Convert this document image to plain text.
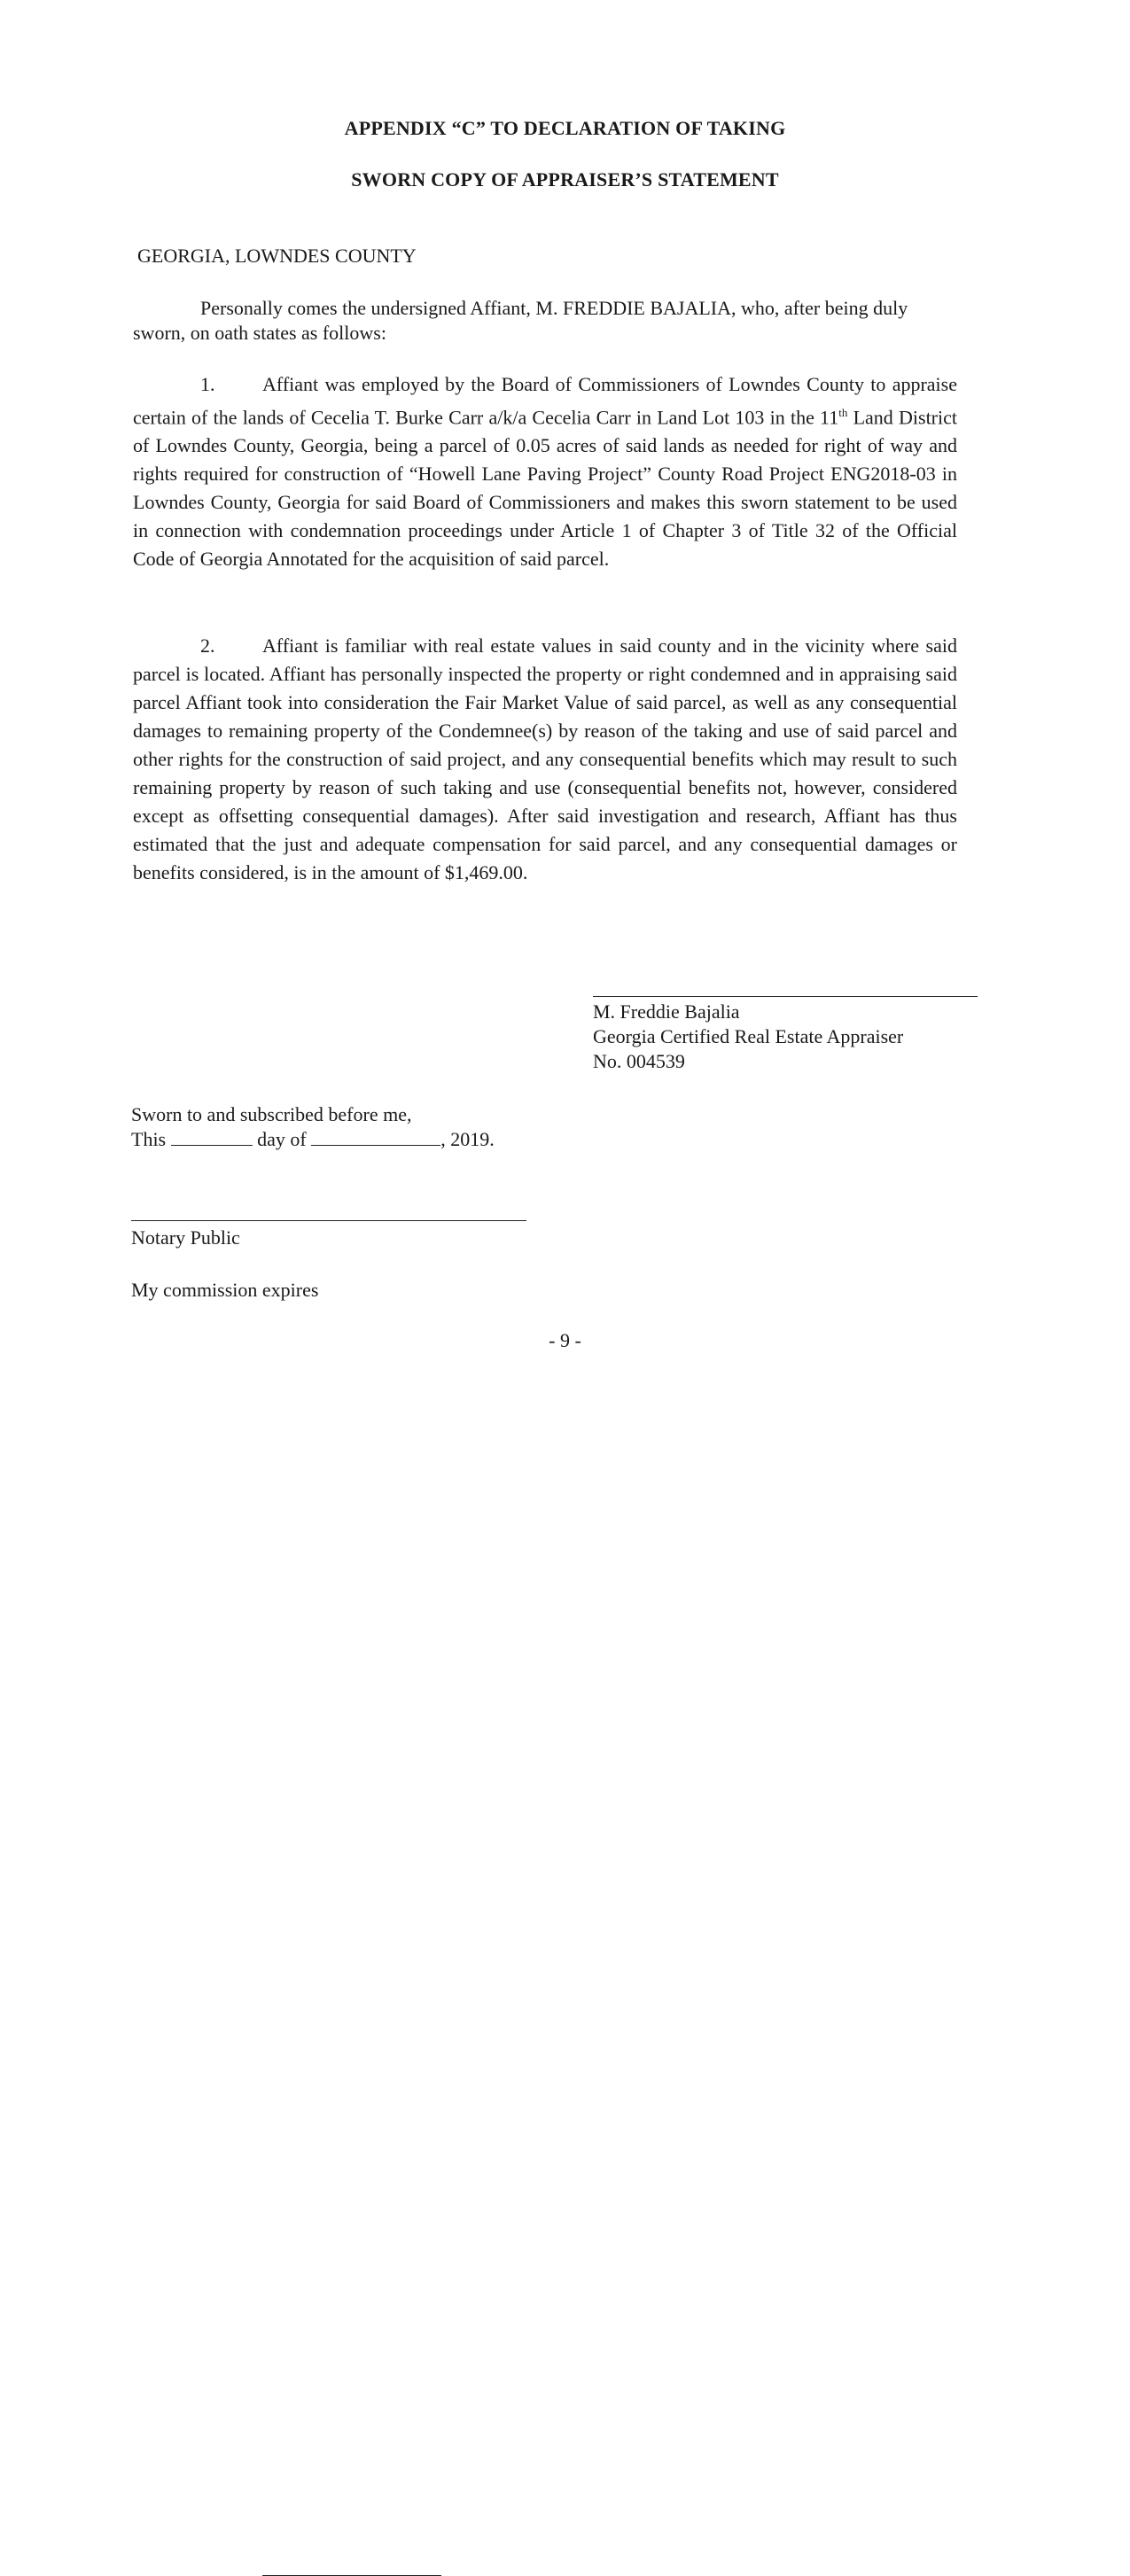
APPENDIX “C” TO DECLARATION OF TAKING
SWORN COPY OF APPRAISER’S STATEMENT
GEORGIA, LOWNDES COUNTY
Personally comes the undersigned Affiant, M. FREDDIE BAJALIA, who, after being duly sworn, on oath states as follows:
1. Affiant was employed by the Board of Commissioners of Lowndes County to appraise certain of the lands of Cecelia T. Burke Carr a/k/a Cecelia Carr in Land Lot 103 in the 11th Land District of Lowndes County, Georgia, being a parcel of 0.05 acres of said lands as needed for right of way and rights required for construction of “Howell Lane Paving Project” County Road Project ENG2018-03 in Lowndes County, Georgia for said Board of Commissioners and makes this sworn statement to be used in connection with condemnation proceedings under Article 1 of Chapter 3 of Title 32 of the Official Code of Georgia Annotated for the acquisition of said parcel.
2. Affiant is familiar with real estate values in said county and in the vicinity where said parcel is located. Affiant has personally inspected the property or right condemned and in appraising said parcel Affiant took into consideration the Fair Market Value of said parcel, as well as any consequential damages to remaining property of the Condemnee(s) by reason of the taking and use of said parcel and other rights for the construction of said project, and any consequential benefits which may result to such remaining property by reason of such taking and use (consequential benefits not, however, considered except as offsetting consequential damages). After said investigation and research, Affiant has thus estimated that the just and adequate compensation for said parcel, and any consequential damages or benefits considered, is in the amount of $1,469.00.
M. Freddie Bajalia
Georgia Certified Real Estate Appraiser
No. 004539
Sworn to and subscribed before me,
This	day of	, 2019.
Notary Public
My commission expires
- 9 -
